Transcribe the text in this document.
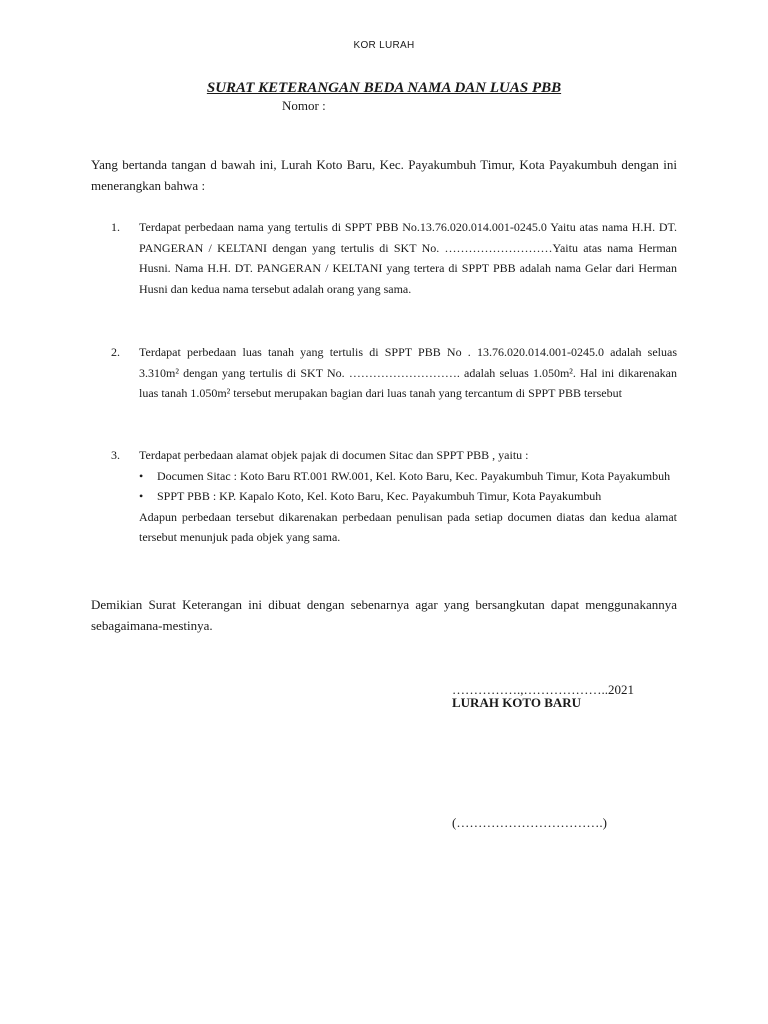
KOR LURAH
SURAT KETERANGAN BEDA NAMA DAN LUAS PBB
Nomor :
Yang bertanda tangan d bawah ini, Lurah Koto Baru, Kec. Payakumbuh Timur, Kota Payakumbuh dengan ini menerangkan bahwa :
1. Terdapat perbedaan nama yang tertulis di SPPT PBB No.13.76.020.014.001-0245.0 Yaitu atas nama H.H. DT. PANGERAN / KELTANI dengan yang tertulis di SKT No. ………………………Yaitu atas nama Herman Husni. Nama H.H. DT. PANGERAN / KELTANI yang tertera di SPPT PBB adalah nama Gelar dari Herman Husni dan kedua nama tersebut adalah orang yang sama.
2. Terdapat perbedaan luas tanah yang tertulis di SPPT PBB No . 13.76.020.014.001-0245.0 adalah seluas 3.310m² dengan yang tertulis di SKT No. ………………………. adalah seluas 1.050m². Hal ini dikarenakan luas tanah 1.050m² tersebut merupakan bagian dari luas tanah yang tercantum di SPPT PBB tersebut
3. Terdapat perbedaan alamat objek pajak di documen Sitac dan SPPT PBB , yaitu :
• Documen Sitac : Koto Baru RT.001 RW.001, Kel. Koto Baru, Kec. Payakumbuh Timur, Kota Payakumbuh
• SPPT PBB : KP. Kapalo Koto, Kel. Koto Baru, Kec. Payakumbuh Timur, Kota Payakumbuh
Adapun perbedaan tersebut dikarenakan perbedaan penulisan pada setiap documen diatas dan kedua alamat tersebut menunjuk pada objek yang sama.
Demikian Surat Keterangan ini dibuat dengan sebenarnya agar yang bersangkutan dapat menggunakannya sebagaimana-mestinya.
…………….,………………..2021
LURAH KOTO BARU
(…………………………….)
